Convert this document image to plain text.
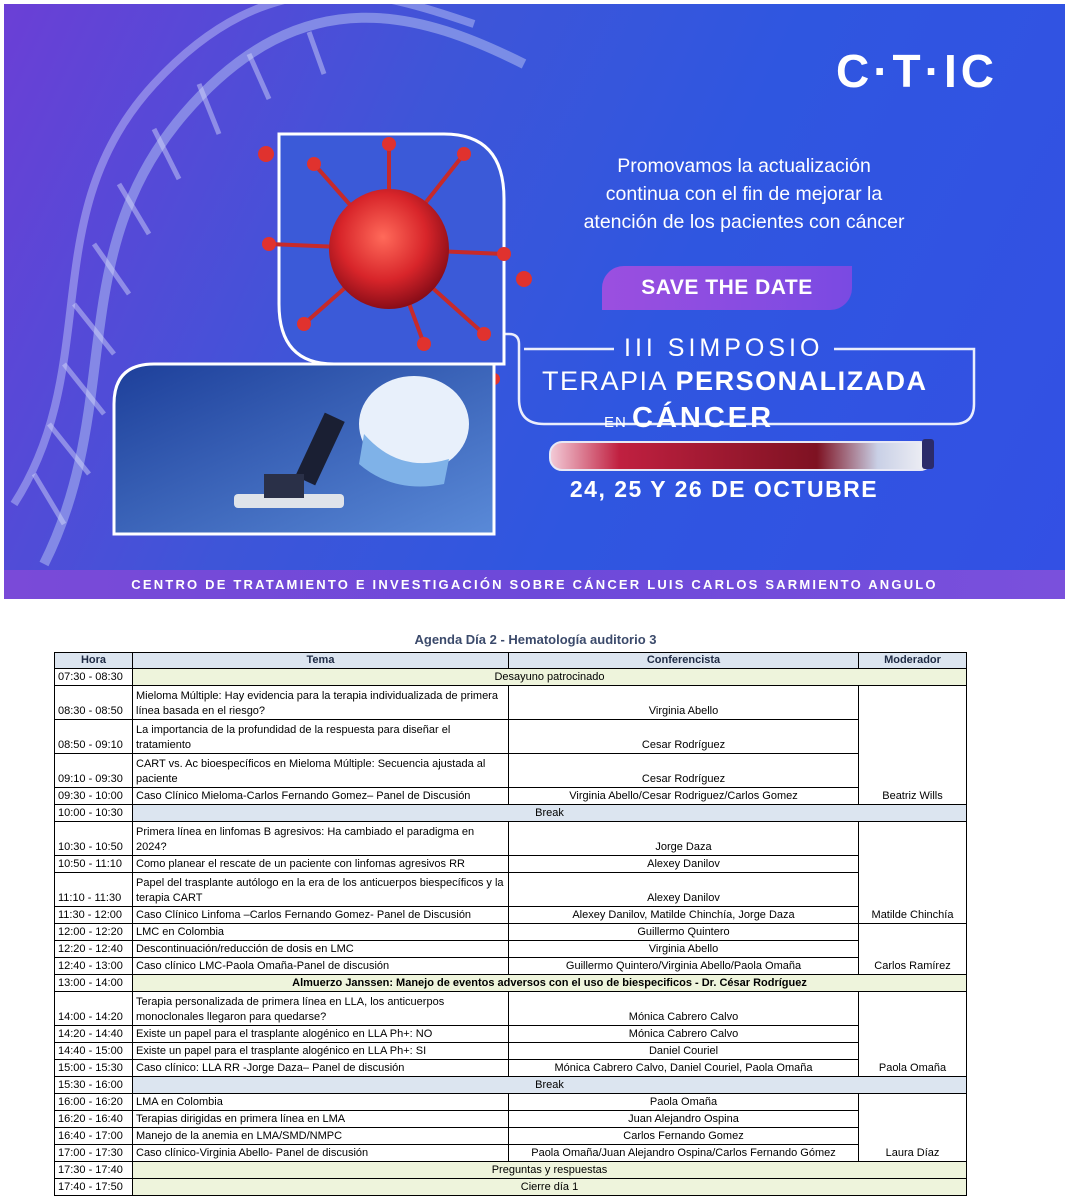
C·T·IC
Promovamos la actualización
continua con el fin de mejorar la
atención de los pacientes con cáncer
SAVE THE DATE
III SIMPOSIO
TERAPIA PERSONALIZADA
EN CÁNCER
24, 25 Y 26 DE OCTUBRE
CENTRO DE TRATAMIENTO E INVESTIGACIÓN SOBRE CÁNCER LUIS CARLOS SARMIENTO ANGULO
Agenda Día 2 - Hematología auditorio 3
Hora	Tema	Conferencista	Moderador
07:30 - 08:30	Desayuno patrocinado		
08:30 - 08:50	Mieloma Múltiple: Hay evidencia para la terapia individualizada de primera línea basada en el riesgo?	Virginia Abello	Beatriz Wills
08:50 - 09:10	La importancia de la profundidad de la respuesta para diseñar el tratamiento	Cesar Rodríguez	
09:10 - 09:30	CART vs. Ac bioespecíficos en Mieloma Múltiple: Secuencia ajustada al paciente	Cesar Rodríguez	
09:30 - 10:00	Caso Clínico Mieloma-Carlos Fernando Gomez– Panel de Discusión	Virginia Abello/Cesar Rodriguez/Carlos Gomez	
10:00 - 10:30	Break		
10:30 - 10:50	Primera línea en linfomas B agresivos: Ha cambiado el paradigma en 2024?	Jorge Daza	Matilde Chinchía
10:50 - 11:10	Como planear el rescate de un paciente con linfomas agresivos RR	Alexey Danilov	
11:10 - 11:30	Papel del trasplante autólogo en la era de los anticuerpos biespecíficos y la terapia CART	Alexey Danilov	
11:30 - 12:00	Caso Clínico Linfoma –Carlos Fernando Gomez- Panel de Discusión	Alexey Danilov, Matilde Chinchía, Jorge Daza	
12:00 - 12:20	LMC en Colombia	Guillermo Quintero	Carlos Ramírez
12:20 - 12:40	Descontinuación/reducción de dosis en LMC	Virginia Abello	
12:40 - 13:00	Caso clínico LMC-Paola Omaña-Panel de discusión	Guillermo Quintero/Virginia Abello/Paola Omaña	
13:00 - 14:00	Almuerzo Janssen: Manejo de eventos adversos con el uso de biespecificos - Dr. César Rodríguez		
14:00 - 14:20	Terapia personalizada de primera línea en LLA, los anticuerpos monoclonales llegaron para quedarse?	Mónica Cabrero Calvo	Paola Omaña
14:20 - 14:40	Existe un papel para el trasplante alogénico en LLA Ph+: NO	Mónica Cabrero Calvo	
14:40 - 15:00	Existe un papel para el trasplante alogénico en LLA Ph+: SI	Daniel Couriel	
15:00 - 15:30	Caso clínico: LLA RR -Jorge Daza– Panel de discusión	Mónica Cabrero Calvo, Daniel Couriel, Paola Omaña	
15:30 - 16:00	Break		
16:00 - 16:20	LMA en Colombia	Paola Omaña	Laura Díaz
16:20 - 16:40	Terapias dirigidas en primera línea en LMA	Juan Alejandro Ospina	
16:40 - 17:00	Manejo de la anemia en LMA/SMD/NMPC	Carlos Fernando Gomez	
17:00 - 17:30	Caso clínico-Virginia Abello- Panel de discusión	Paola Omaña/Juan Alejandro Ospina/Carlos Fernando Gómez	
17:30 - 17:40	Preguntas y respuestas		
17:40 - 17:50	Cierre día 1		
